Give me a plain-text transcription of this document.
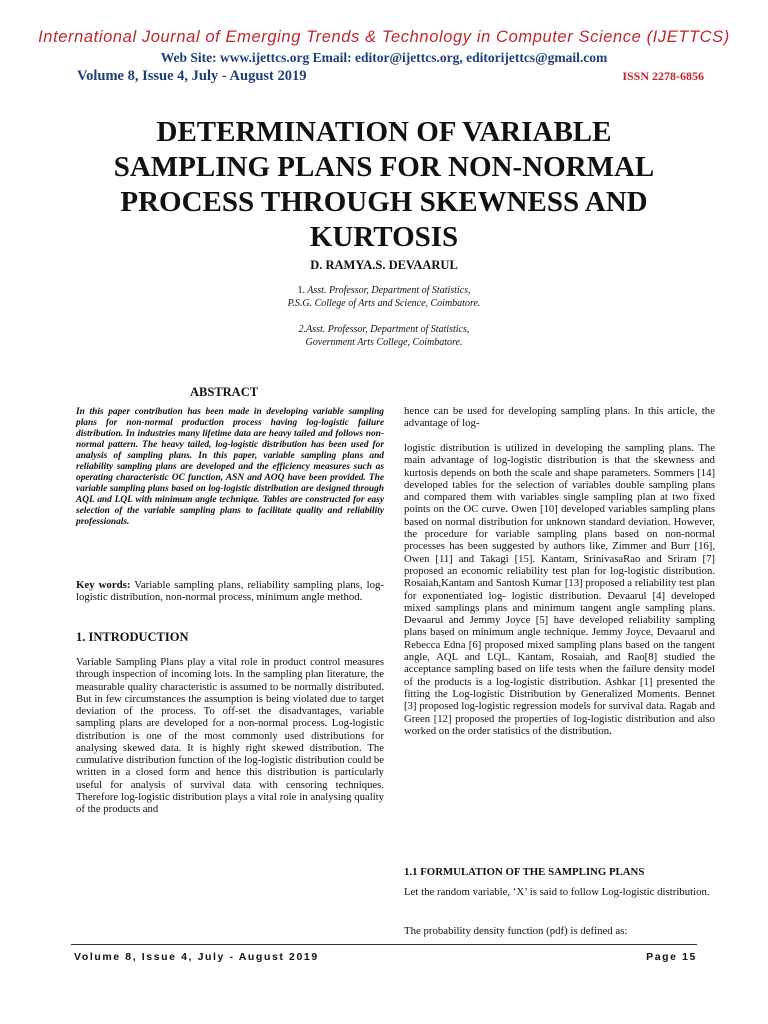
International Journal of Emerging Trends & Technology in Computer Science (IJETTCS)
Web Site: www.ijettcs.org Email: editor@ijettcs.org, editorijettcs@gmail.com
Volume 8, Issue 4, July - August 2019	ISSN 2278-6856
DETERMINATION OF VARIABLE SAMPLING PLANS FOR NON-NORMAL PROCESS THROUGH SKEWNESS AND KURTOSIS
D. RAMYA.S. DEVAARUL
1. Asst. Professor, Department of Statistics,
P.S.G. College of Arts and Science, Coimbatore.
2.Asst. Professor, Department of Statistics,
Government Arts College, Coimbatore.
ABSTRACT

In this paper contribution has been made in developing variable sampling plans for non-normal production process having log-logistic failure distribution. In industries many lifetime data are heavy tailed and follows non-normal pattern. The heavy tailed, log-logistic distribution has been used for analysis of sampling plans. In this paper, variable sampling plans and reliability sampling plans are developed and the efficiency measures such as operating characteristic OC function, ASN and AOQ have been provided. The variable sampling plans based on log-logistic distribution are designed through AQL and LQL with minimum angle technique. Tables are constructed for easy selection of the variable sampling plans to facilitate quality and reliability professionals.

Key words: Variable sampling plans, reliability sampling plans, log-logistic distribution, non-normal process, minimum angle method.

1. INTRODUCTION

Variable Sampling Plans play a vital role in product control measures through inspection of incoming lots. In the sampling plan literature, the measurable quality characteristic is assumed to be normally distributed. But in few circumstances the assumption is being violated due to target deviation of the process. To off-set the disadvantages, variable sampling plans are developed for a non-normal process. Log-logistic distribution is one of the most commonly used distributions for analysing skewed data. It is highly right skewed distribution. The cumulative distribution function of the log-logistic distribution could be written in a closed form and hence this distribution is particularly useful for analysis of survival data with censoring techniques. Therefore log-logistic distribution plays a vital role in analysing quality of the products and

hence can be used for developing sampling plans. In this article, the advantage of log-

logistic distribution is utilized in developing the sampling plans. The main advantage of log-logistic distribution is that the skewness and kurtosis depends on both the scale and shape parameters. Sommers [14] developed tables for the selection of variables double sampling plans and compared them with variables single sampling plan at two fixed points on the OC curve. Owen [10] developed variables sampling plans based on normal distribution for unknown standard deviation. However, the procedure for variable sampling plans based on non-normal processes has been suggested by authors like, Zimmer and Burr [16], Owen [11] and Takagi [15]. Kantam, SrinivasaRao and Sriram [7] proposed an economic reliability test plan for log-logistic distribution. Rosaiah,Kantam and Santosh Kumar [13] proposed a reliability test plan for exponentiated log- logistic distribution. Devaarul [4] developed mixed samplings plans and minimum tangent angle sampling plans. Devaarul and Jemmy Joyce [5] have developed reliability sampling plans based on minimum angle technique. Jemmy Joyce, Devaarul and Rebecca Edna [6] proposed mixed sampling plans based on the tangent angle, AQL and LQL. Kantam, Rosaiah, and Rao[8] studied the acceptance sampling based on life tests when the failure density model of the products is a log-logistic distribution. Ashkar [1] presented the fitting the Log-logistic Distribution by Generalized Moments. Bennet [3] proposed log-logistic regression models for survival data. Ragab and Green [12] proposed the properties of log-logistic distribution and also worked on the order statistics of the distribution.

1.1 FORMULATION OF THE SAMPLING PLANS

Let the random variable, ‘X’ is said to follow Log-logistic distribution.

The probability density function (pdf) is defined as:

Volume 8, Issue 4, July - August 2019	Page 15
